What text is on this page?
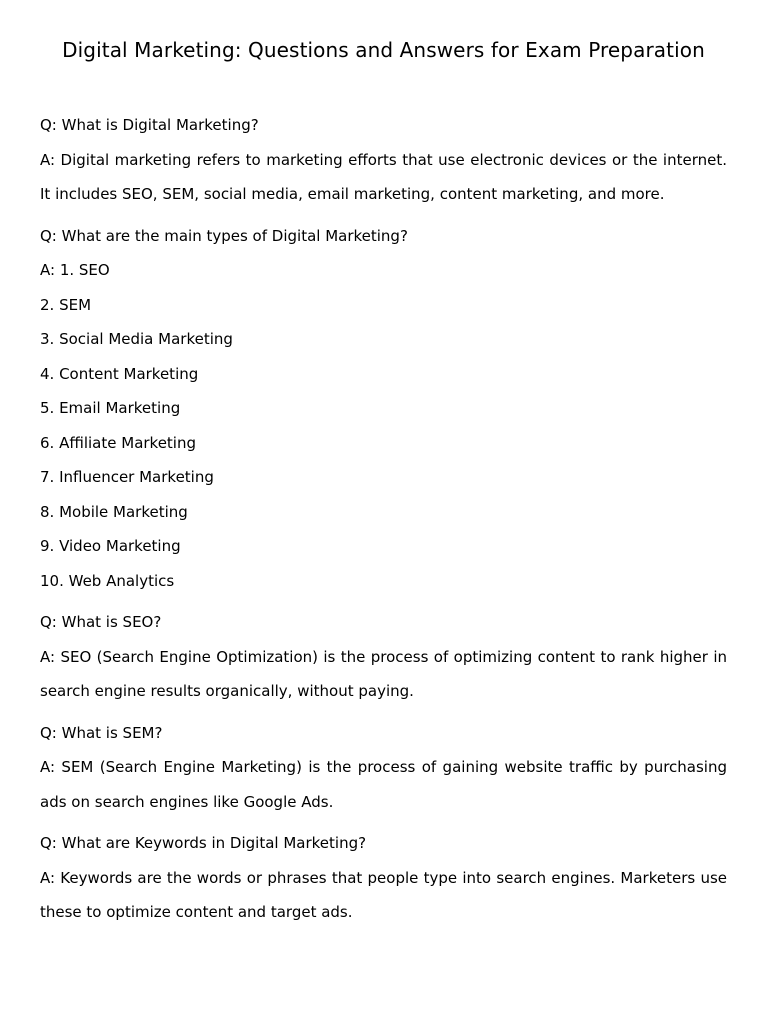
Digital Marketing: Questions and Answers for Exam Preparation

Q: What is Digital Marketing?

A: Digital marketing refers to marketing efforts that use electronic devices or the internet. It includes SEO, SEM, social media, email marketing, content marketing, and more.

Q: What are the main types of Digital Marketing?

A: 1. SEO
2. SEM
3. Social Media Marketing
4. Content Marketing
5. Email Marketing
6. Affiliate Marketing
7. Influencer Marketing
8. Mobile Marketing
9. Video Marketing
10. Web Analytics

Q: What is SEO?

A: SEO (Search Engine Optimization) is the process of optimizing content to rank higher in search engine results organically, without paying.

Q: What is SEM?

A: SEM (Search Engine Marketing) is the process of gaining website traffic by purchasing ads on search engines like Google Ads.

Q: What are Keywords in Digital Marketing?

A: Keywords are the words or phrases that people type into search engines. Marketers use these to optimize content and target ads.
